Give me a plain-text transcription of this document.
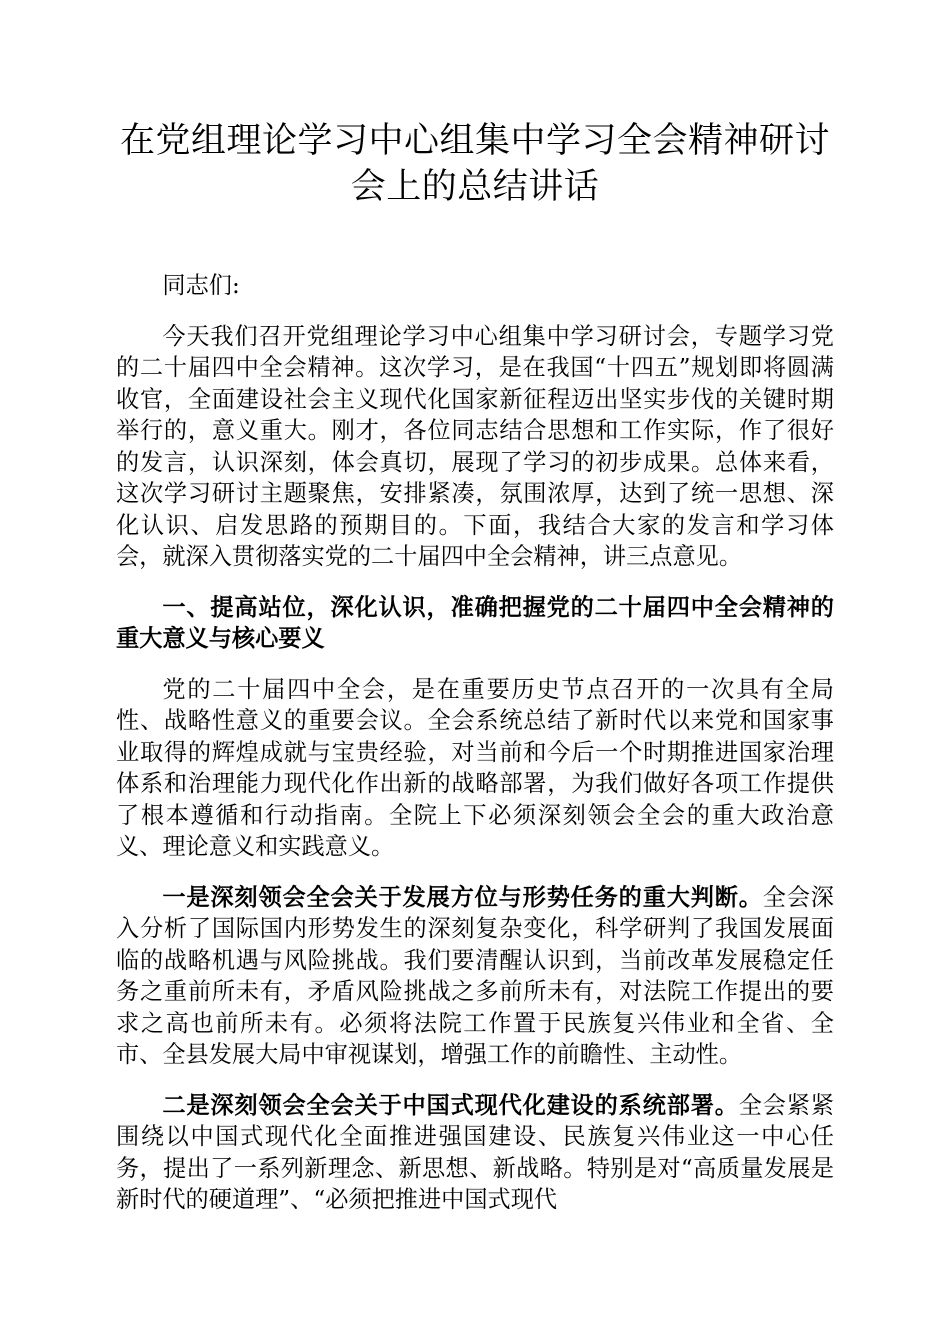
在党组理论学习中心组集中学习全会精神研讨
会上的总结讲话

同志们:

今天我们召开党组理论学习中心组集中学习研讨会，专题学习党的二十届四中全会精神。这次学习，是在我国“十四五”规划即将圆满收官，全面建设社会主义现代化国家新征程迈出坚实步伐的关键时期举行的，意义重大。刚才，各位同志结合思想和工作实际，作了很好的发言，认识深刻，体会真切，展现了学习的初步成果。总体来看，这次学习研讨主题聚焦，安排紧凑，氛围浓厚，达到了统一思想、深化认识、启发思路的预期目的。下面，我结合大家的发言和学习体会，就深入贯彻落实党的二十届四中全会精神，讲三点意见。

一、提高站位，深化认识，准确把握党的二十届四中全会精神的重大意义与核心要义

党的二十届四中全会，是在重要历史节点召开的一次具有全局性、战略性意义的重要会议。全会系统总结了新时代以来党和国家事业取得的辉煌成就与宝贵经验，对当前和今后一个时期推进国家治理体系和治理能力现代化作出新的战略部署，为我们做好各项工作提供了根本遵循和行动指南。全院上下必须深刻领会全会的重大政治意义、理论意义和实践意义。

一是深刻领会全会关于发展方位与形势任务的重大判断。全会深入分析了国际国内形势发生的深刻复杂变化，科学研判了我国发展面临的战略机遇与风险挑战。我们要清醒认识到，当前改革发展稳定任务之重前所未有，矛盾风险挑战之多前所未有，对法院工作提出的要求之高也前所未有。必须将法院工作置于民族复兴伟业和全省、全市、全县发展大局中审视谋划，增强工作的前瞻性、主动性。

二是深刻领会全会关于中国式现代化建设的系统部署。全会紧紧围绕以中国式现代化全面推进强国建设、民族复兴伟业这一中心任务，提出了一系列新理念、新思想、新战略。特别是对“高质量发展是新时代的硬道理”、“必须把推进中国式现代
